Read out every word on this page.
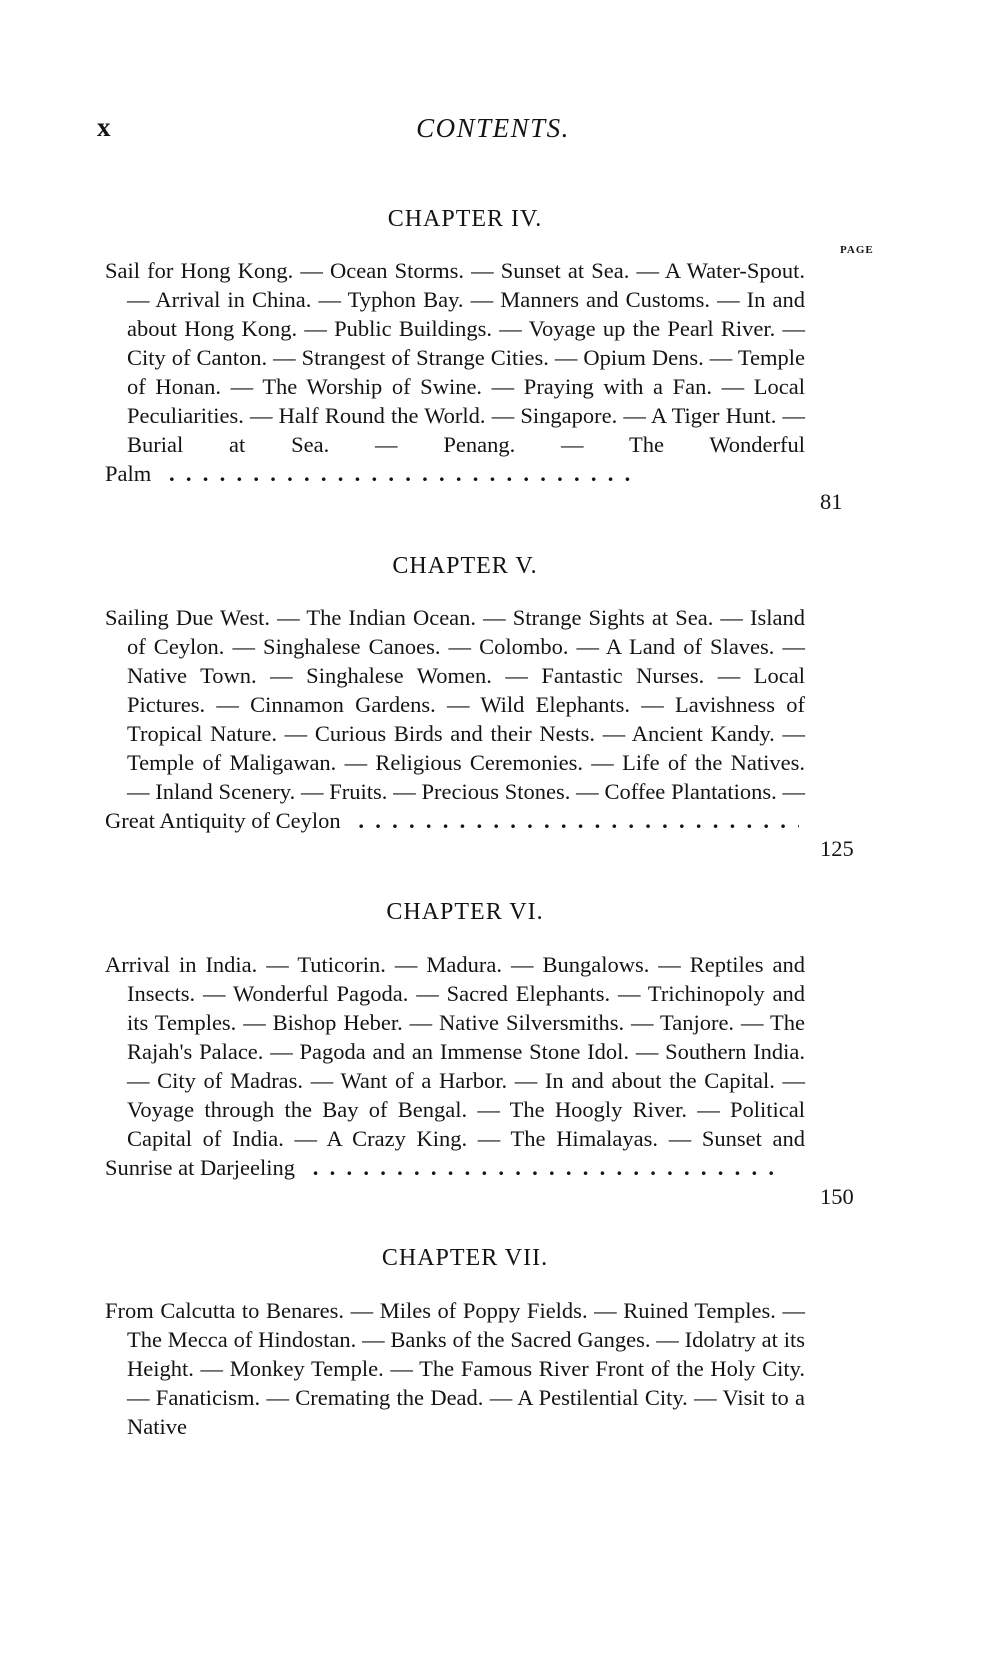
x	CONTENTS.
CHAPTER IV.
PAGE
Sail for Hong Kong. — Ocean Storms. — Sunset at Sea. — A Water-Spout. — Arrival in China. — Typhon Bay. — Manners and Customs. — In and about Hong Kong. — Public Buildings. — Voyage up the Pearl River. — City of Canton. — Strangest of Strange Cities. — Opium Dens. — Temple of Honan. — The Worship of Swine. — Praying with a Fan. — Local Peculiarities. — Half Round the World. — Singapore. — A Tiger Hunt. — Burial at Sea. — Penang. — The Wonderful
Palm
. .
81
CHAPTER V.
Sailing Due West. — The Indian Ocean. — Strange Sights at Sea. — Island of Ceylon. — Singhalese Canoes. — Colombo. — A Land of Slaves. — Native Town. — Singhalese Women. — Fantastic Nurses. — Local Pictures. — Cinnamon Gardens. — Wild Elephants. — Lavishness of Tropical Nature. — Curious Birds and their Nests. — Ancient Kandy. — Temple of Maligawan. — Religious Ceremonies. — Life of the Natives. — Inland Scenery. — Fruits. — Precious Stones. — Coffee Plantations. —
Great Antiquity of Ceylon
. .
125
CHAPTER VI.
Arrival in India. — Tuticorin. — Madura. — Bungalows. — Reptiles and Insects. — Wonderful Pagoda. — Sacred Elephants. — Trichinopoly and its Temples. — Bishop Heber. — Native Silversmiths. — Tanjore. — The Rajah's Palace. — Pagoda and an Immense Stone Idol. — Southern India. — City of Madras. — Want of a Harbor. — In and about the Capital. — Voyage through the Bay of Bengal. — The Hoogly River. — Political Capital of India. — A Crazy King. — The Himalayas. — Sunset and
Sunrise at Darjeeling
. .
150
CHAPTER VII.
From Calcutta to Benares. — Miles of Poppy Fields. — Ruined Temples. — The Mecca of Hindostan. — Banks of the Sacred Ganges. — Idolatry at its Height. — Monkey Temple. — The Famous River Front of the Holy City. — Fanaticism. — Cremating the Dead. — A Pestilential City. — Visit to a Native
